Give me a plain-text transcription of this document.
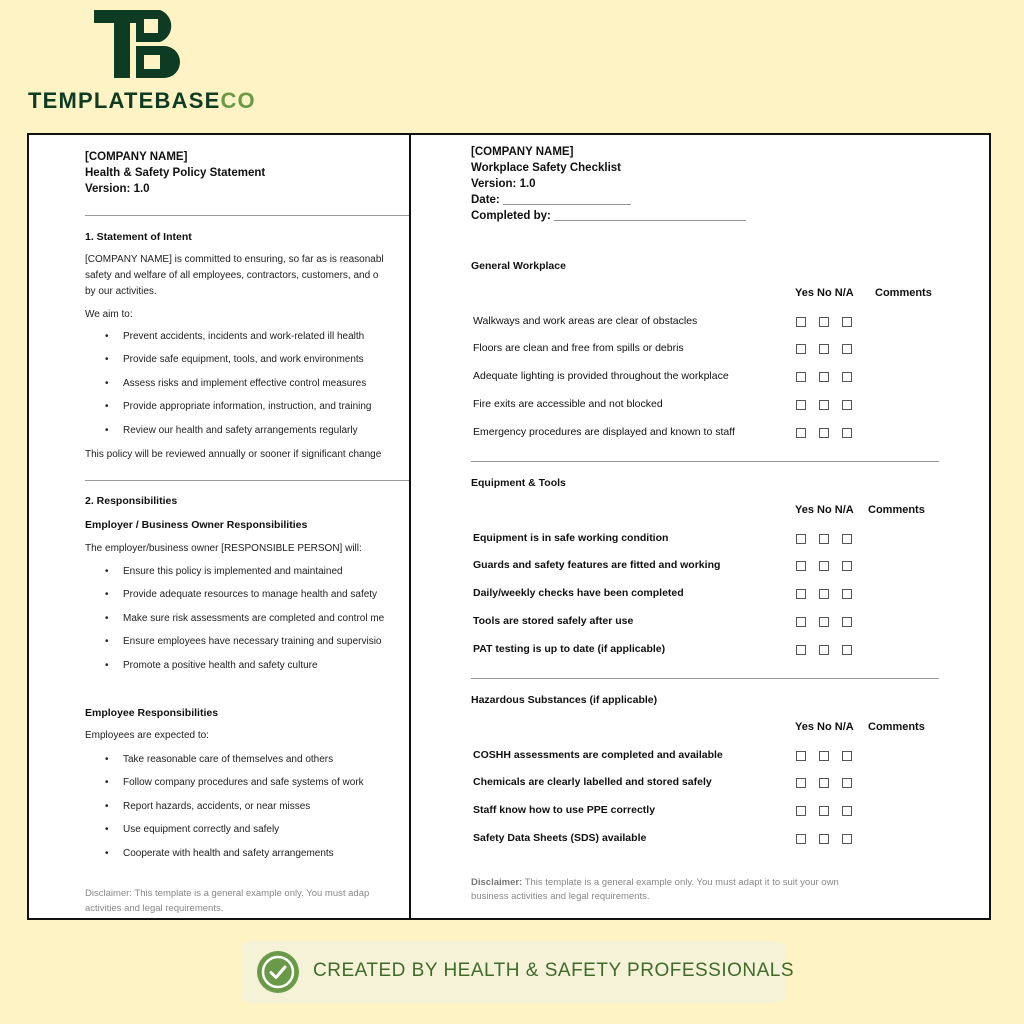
TEMPLATEBASECO
[COMPANY NAME]
Health & Safety Policy Statement
Version: 1.0
1. Statement of Intent
[COMPANY NAME] is committed to ensuring, so far as is reasonabl
safety and welfare of all employees, contractors, customers, and o
by our activities.
We aim to:
• Prevent accidents, incidents and work-related ill health
• Provide safe equipment, tools, and work environments
• Assess risks and implement effective control measures
• Provide appropriate information, instruction, and training
• Review our health and safety arrangements regularly
This policy will be reviewed annually or sooner if significant change
2. Responsibilities
Employer / Business Owner Responsibilities
The employer/business owner [RESPONSIBLE PERSON] will:
• Ensure this policy is implemented and maintained
• Provide adequate resources to manage health and safety
• Make sure risk assessments are completed and control me
• Ensure employees have necessary training and supervisio
• Promote a positive health and safety culture
Employee Responsibilities
Employees are expected to:
• Take reasonable care of themselves and others
• Follow company procedures and safe systems of work
• Report hazards, accidents, or near misses
• Use equipment correctly and safely
• Cooperate with health and safety arrangements
Disclaimer: This template is a general example only. You must adap
activities and legal requirements.
[COMPANY NAME]
Workplace Safety Checklist
Version: 1.0
Date: ____________________
Completed by: ______________________________
General Workplace
Yes No N/A Comments
Walkways and work areas are clear of obstacles
Floors are clean and free from spills or debris
Adequate lighting is provided throughout the workplace
Fire exits are accessible and not blocked
Emergency procedures are displayed and known to staff
Equipment & Tools
Yes No N/A Comments
Equipment is in safe working condition
Guards and safety features are fitted and working
Daily/weekly checks have been completed
Tools are stored safely after use
PAT testing is up to date (if applicable)
Hazardous Substances (if applicable)
Yes No N/A Comments
COSHH assessments are completed and available
Chemicals are clearly labelled and stored safely
Staff know how to use PPE correctly
Safety Data Sheets (SDS) available
Disclaimer: This template is a general example only. You must adapt it to suit your own
business activities and legal requirements.
CREATED BY HEALTH & SAFETY PROFESSIONALS
